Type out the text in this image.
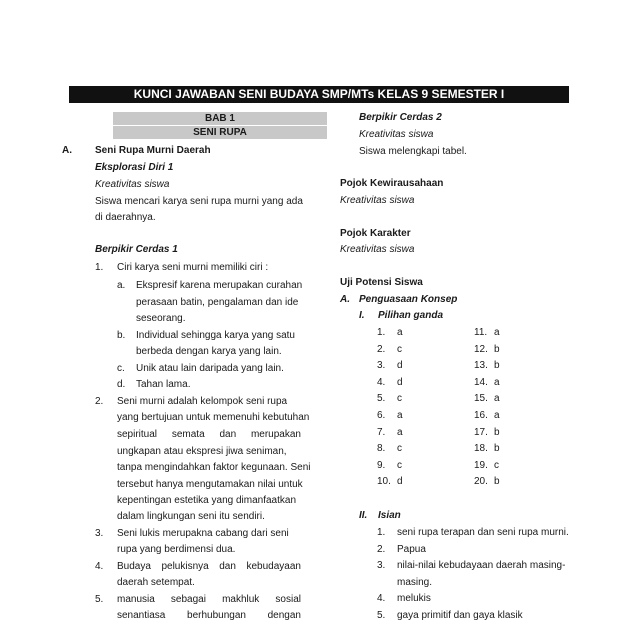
KUNCI JAWABAN SENI BUDAYA SMP/MTs KELAS 9 SEMESTER I
BAB 1
SENI RUPA
A. Seni Rupa Murni Daerah
Eksplorasi Diri 1
Kreativitas siswa
Siswa mencari karya seni rupa murni yang ada
di daerahnya.
Berpikir Cerdas 1
1. Ciri karya seni murni memiliki ciri :
a. Ekspresif karena merupakan curahan
perasaan batin, pengalaman dan ide
seseorang.
b. Individual sehingga karya yang satu
berbeda dengan karya yang lain.
c. Unik atau lain daripada yang lain.
d. Tahan lama.
2. Seni murni adalah kelompok seni rupa
yang bertujuan untuk memenuhi kebutuhan
sepiritual semata dan merupakan
ungkapan atau ekspresi jiwa seniman,
tanpa mengindahkan faktor kegunaan. Seni
tersebut hanya mengutamakan nilai untuk
kepentingan estetika yang dimanfaatkan
dalam lingkungan seni itu sendiri.
3. Seni lukis merupakna cabang dari seni
rupa yang berdimensi dua.
4. Budaya pelukisnya dan kebudayaan
daerah setempat.
5. manusia sebagai makhluk sosial
senantiasa berhubungan dengan
Berpikir Cerdas 2
Kreativitas siswa
Siswa melengkapi tabel.
Pojok Kewirausahaan
Kreativitas siswa
Pojok Karakter
Kreativitas siswa
Uji Potensi Siswa
A. Penguasaan Konsep
I. Pilihan ganda
1. a
2. c
3. d
4. d
5. c
6. a
7. a
8. c
9. c
10. d
11. a
12. b
13. b
14. a
15. a
16. a
17. b
18. b
19. c
20. b
II. Isian
1. seni rupa terapan dan seni rupa murni.
2. Papua
3. nilai-nilai kebudayaan daerah masing-
masing.
4. melukis
5. gaya primitif dan gaya klasik
